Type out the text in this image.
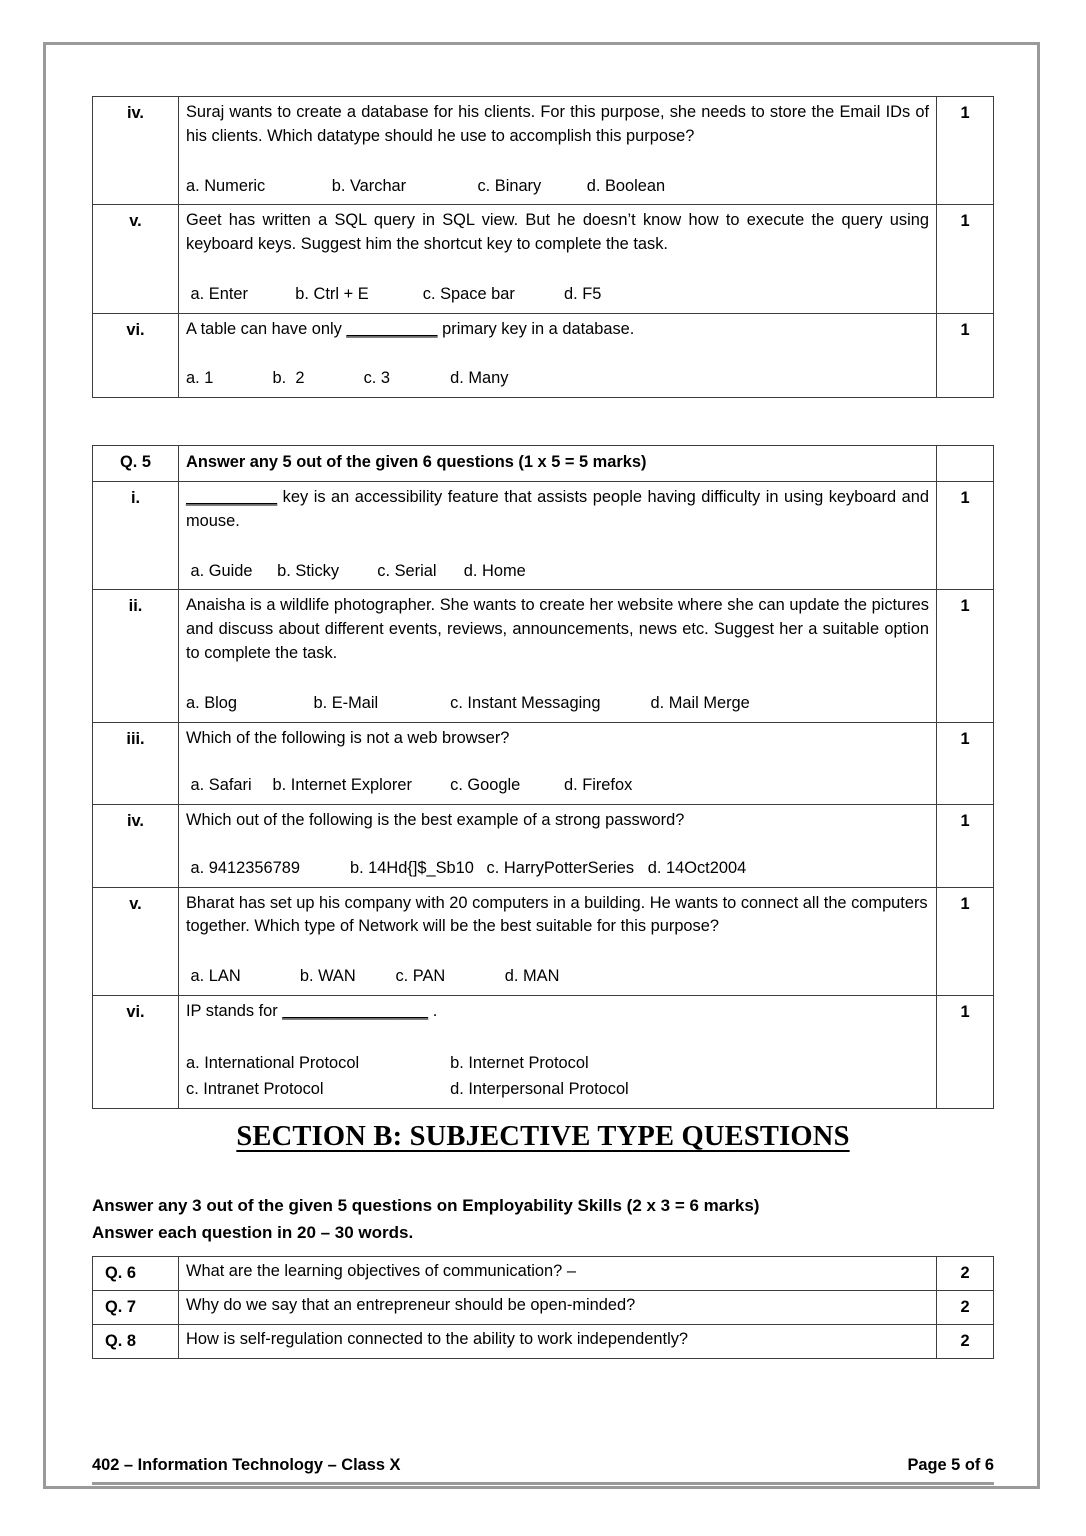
iv.	Suraj wants to create a database for his clients. For this purpose, she needs to store the Email IDs of his clients. Which datatype should he use to accomplish this purpose?
a. Numeric		b. Varchar		c. Binary		d. Boolean	1
v.	Geet has written a SQL query in SQL view. But he doesn’t know how to execute the query using keyboard keys. Suggest him the shortcut key to complete the task.
a. Enter		b. Ctrl + E	c. Space bar	d. F5	1
vi.	A table can have only __________ primary key in a database.
a. 1		b.  2	c. 3		d. Many	1
Q. 5	Answer any 5 out of the given 6 questions (1 x 5 = 5 marks)	
i.	__________ key is an accessibility feature that assists people having difficulty in using keyboard and mouse.
a. Guide	b. Sticky	c. Serial	d. Home	1
ii.	Anaisha is a wildlife photographer. She wants to create her website where she can update the pictures and discuss about different events, reviews, announcements, news etc. Suggest her a suitable option to complete the task.
a. Blog		b. E-Mail		c. Instant Messaging	d. Mail Merge	1
iii.	Which of the following is not a web browser?
a. Safari	b. Internet Explorer	c. Google	d. Firefox	1
iv.	Which out of the following is the best example of a strong password?
a. 9412356789	b. 14Hd{]$_Sb10	c. HarryPotterSeries   d. 14Oct2004	1
v.	Bharat has set up his company with 20 computers in a building. He wants to connect all the computers together. Which type of Network will be the best suitable for this purpose?
a. LAN		b. WAN	c. PAN	d. MAN	1
vi.	IP stands for ________________ .
a. International Protocol			b. Internet Protocol
c. Intranet Protocol				d. Interpersonal Protocol	1
SECTION B: SUBJECTIVE TYPE QUESTIONS

Answer any 3 out of the given 5 questions on Employability Skills (2 x 3 = 6 marks)

Answer each question in 20 – 30 words.

Q. 6	What are the learning objectives of communication? –	2
Q. 7	Why do we say that an entrepreneur should be open-minded?	2
Q. 8	How is self-regulation connected to the ability to work independently?	2
402 – Information Technology – Class X	Page 5 of 6
